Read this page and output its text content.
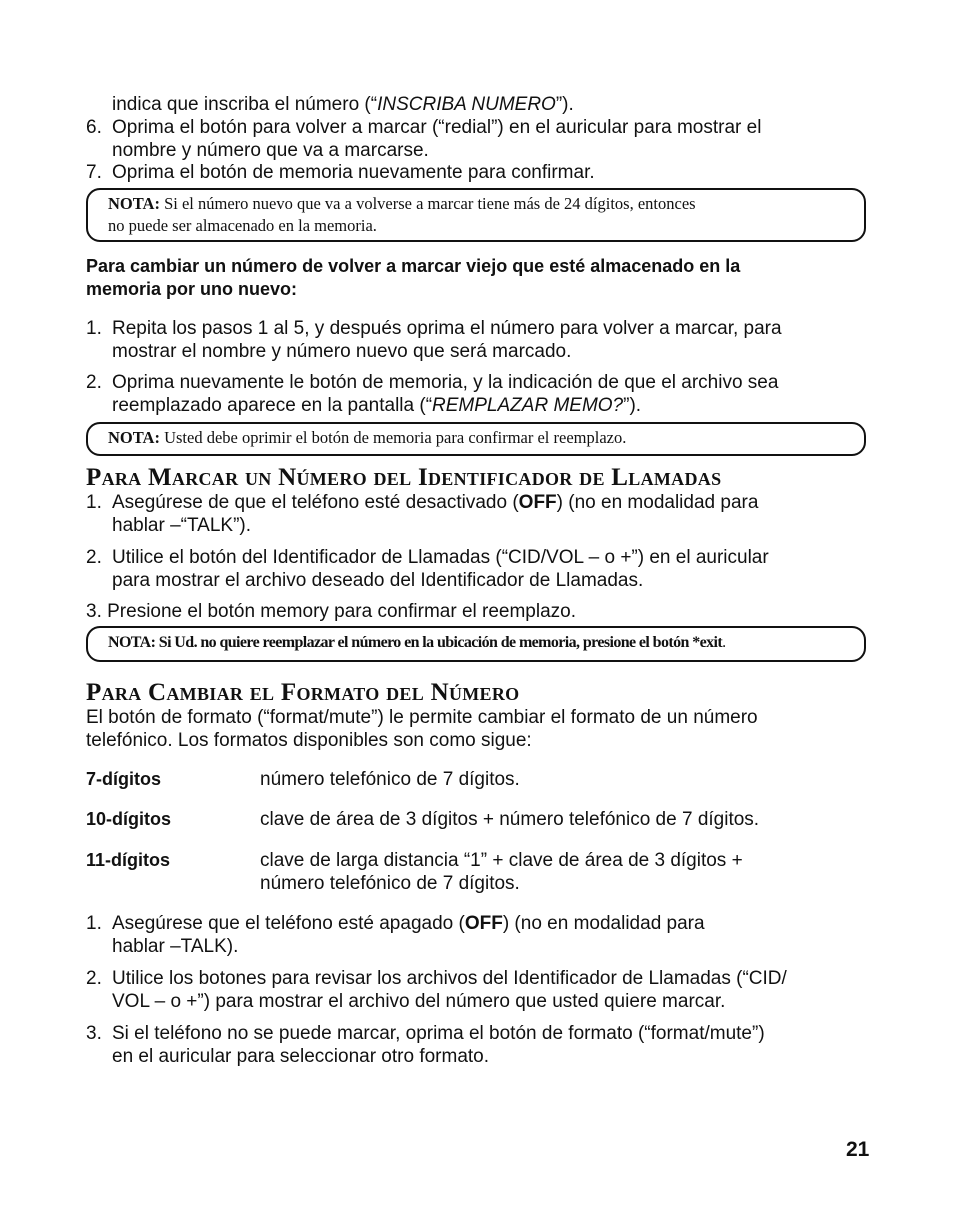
indica que inscriba el número (“INSCRIBA NUMERO”).
6. Oprima el botón para volver a marcar (“redial”) en el auricular para mostrar el
nombre y número que va a marcarse.
7. Oprima el botón de memoria nuevamente para confirmar.
NOTA: Si el número nuevo que va a volverse a marcar tiene más de 24 dígitos, entonces
no puede ser almacenado en la memoria.
Para cambiar un número de volver a marcar viejo que esté almacenado en la
memoria por uno nuevo:
1. Repita los pasos 1 al 5, y después oprima el número para volver a marcar, para
mostrar el nombre y número nuevo que será marcado.
2. Oprima nuevamente le botón de memoria, y la indicación de que el archivo sea
reemplazado aparece en la pantalla (“REMPLAZAR MEMO?”).
NOTA: Usted debe oprimir el botón de memoria para confirmar el reemplazo.
Para Marcar un Número del Identificador de Llamadas
1. Asegúrese de que el teléfono esté desactivado (OFF) (no en modalidad para
hablar –“TALK”).
2. Utilice el botón del Identificador de Llamadas (“CID/VOL – o +”) en el auricular
para mostrar el archivo deseado del Identificador de Llamadas.
3. Presione el botón memory para confirmar el reemplazo.
NOTA: Si Ud. no quiere reemplazar el número en la ubicación de memoria, presione el botón *exit.
Para Cambiar el Formato del Número
El botón de formato (“format/mute”) le permite cambiar el formato de un número
telefónico. Los formatos disponibles son como sigue:
7-dígitos	número telefónico de 7 dígitos.
10-dígitos	clave de área de 3 dígitos + número telefónico de 7 dígitos.
11-dígitos	clave de larga distancia “1” + clave de área de 3 dígitos +
número telefónico de 7 dígitos.
1. Asegúrese que el teléfono esté apagado (OFF) (no en modalidad para
hablar –TALK).
2. Utilice los botones para revisar los archivos del Identificador de Llamadas (“CID/
VOL – o +”) para mostrar el archivo del número que usted quiere marcar.
3. Si el teléfono no se puede marcar, oprima el botón de formato (“format/mute”)
en el auricular para seleccionar otro formato.
21
